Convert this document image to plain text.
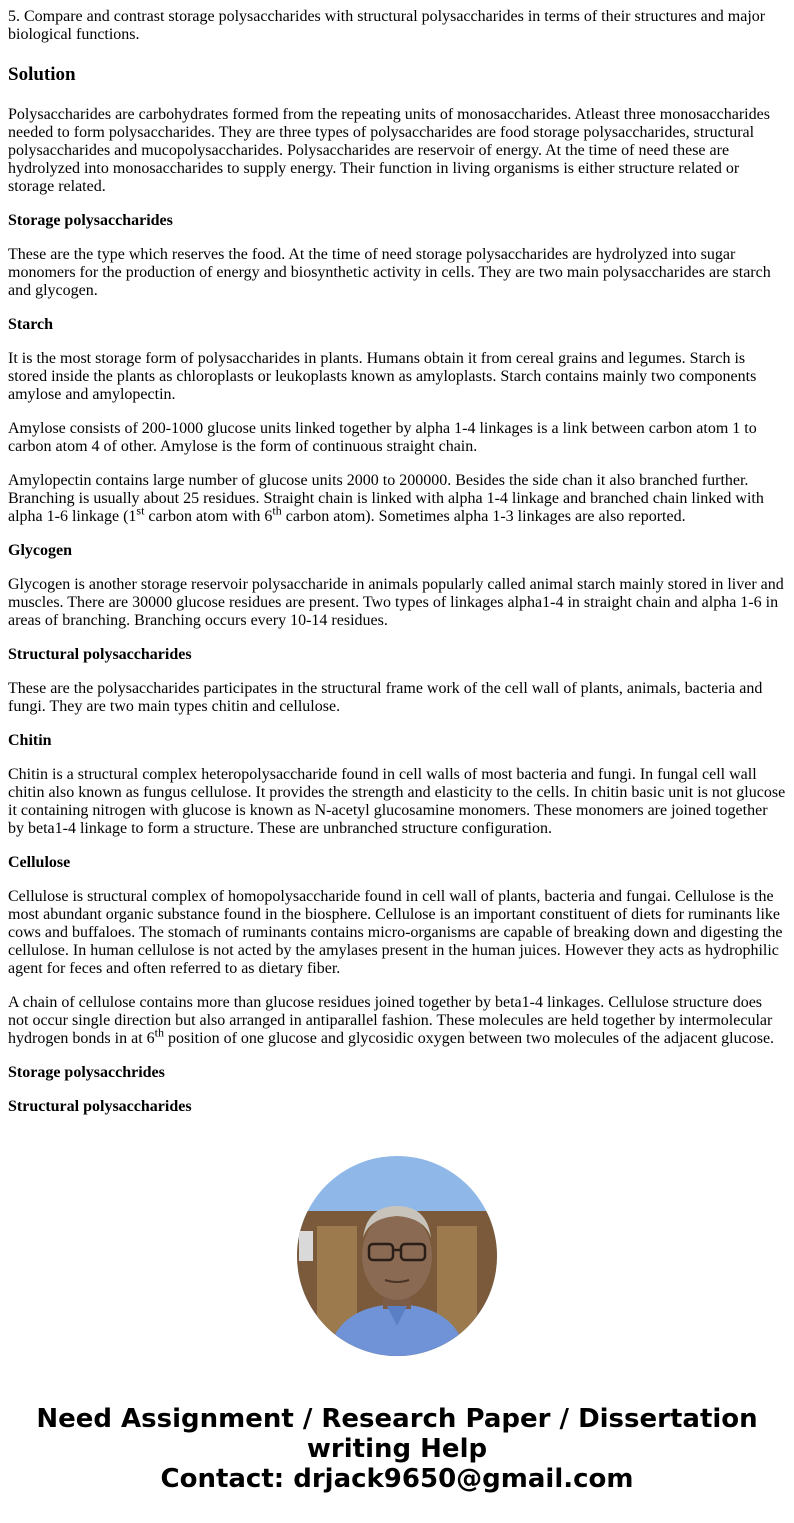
5. Compare and contrast storage polysaccharides with structural polysaccharides in terms of their structures and major biological functions.

Solution

Polysaccharides are carbohydrates formed from the repeating units of monosaccharides. Atleast three monosaccharides needed to form polysaccharides. They are three types of polysaccharides are food storage polysaccharides, structural polysaccharides and mucopolysaccharides. Polysaccharides are reservoir of energy. At the time of need these are hydrolyzed into monosaccharides to supply energy. Their function in living organisms is either structure related or storage related.

Storage polysaccharides

These are the type which reserves the food. At the time of need storage polysaccharides are hydrolyzed into sugar monomers for the production of energy and biosynthetic activity in cells. They are two main polysaccharides are starch and glycogen.

Starch

It is the most storage form of polysaccharides in plants. Humans obtain it from cereal grains and legumes. Starch is stored inside the plants as chloroplasts or leukoplasts known as amyloplasts. Starch contains mainly two components amylose and amylopectin.

Amylose consists of 200-1000 glucose units linked together by alpha 1-4 linkages is a link between carbon atom 1 to carbon atom 4 of other. Amylose is the form of continuous straight chain.

Amylopectin contains large number of glucose units 2000 to 200000. Besides the side chan it also branched further. Branching is usually about 25 residues. Straight chain is linked with alpha 1-4 linkage and branched chain linked with alpha 1-6 linkage (1st carbon atom with 6th carbon atom). Sometimes alpha 1-3 linkages are also reported.

Glycogen

Glycogen is another storage reservoir polysaccharide in animals popularly called animal starch mainly stored in liver and muscles. There are 30000 glucose residues are present. Two types of linkages alpha1-4 in straight chain and alpha 1-6 in areas of branching. Branching occurs every 10-14 residues.

Structural polysaccharides

These are the polysaccharides participates in the structural frame work of the cell wall of plants, animals, bacteria and fungi. They are two main types chitin and cellulose.

Chitin

Chitin is a structural complex heteropolysaccharide found in cell walls of most bacteria and fungi. In fungal cell wall chitin also known as fungus cellulose. It provides the strength and elasticity to the cells. In chitin basic unit is not glucose it containing nitrogen with glucose is known as N-acetyl glucosamine monomers. These monomers are joined together by beta1-4 linkage to form a structure. These are unbranched structure configuration.

Cellulose

Cellulose is structural complex of homopolysaccharide found in cell wall of plants, bacteria and fungai. Cellulose is the most abundant organic substance found in the biosphere. Cellulose is an important constituent of diets for ruminants like cows and buffaloes. The stomach of ruminants contains micro-organisms are capable of breaking down and digesting the cellulose. In human cellulose is not acted by the amylases present in the human juices. However they acts as hydrophilic agent for feces and often referred to as dietary fiber.

A chain of cellulose contains more than glucose residues joined together by beta1-4 linkages. Cellulose structure does not occur single direction but also arranged in antiparallel fashion. These molecules are held together by intermolecular hydrogen bonds in at 6th position of one glucose and glycosidic oxygen between two molecules of the adjacent glucose.

Storage polysacchrides

Structural polysaccharides

Need Assignment / Research Paper / Dissertation
writing Help
Contact: drjack9650@gmail.com
